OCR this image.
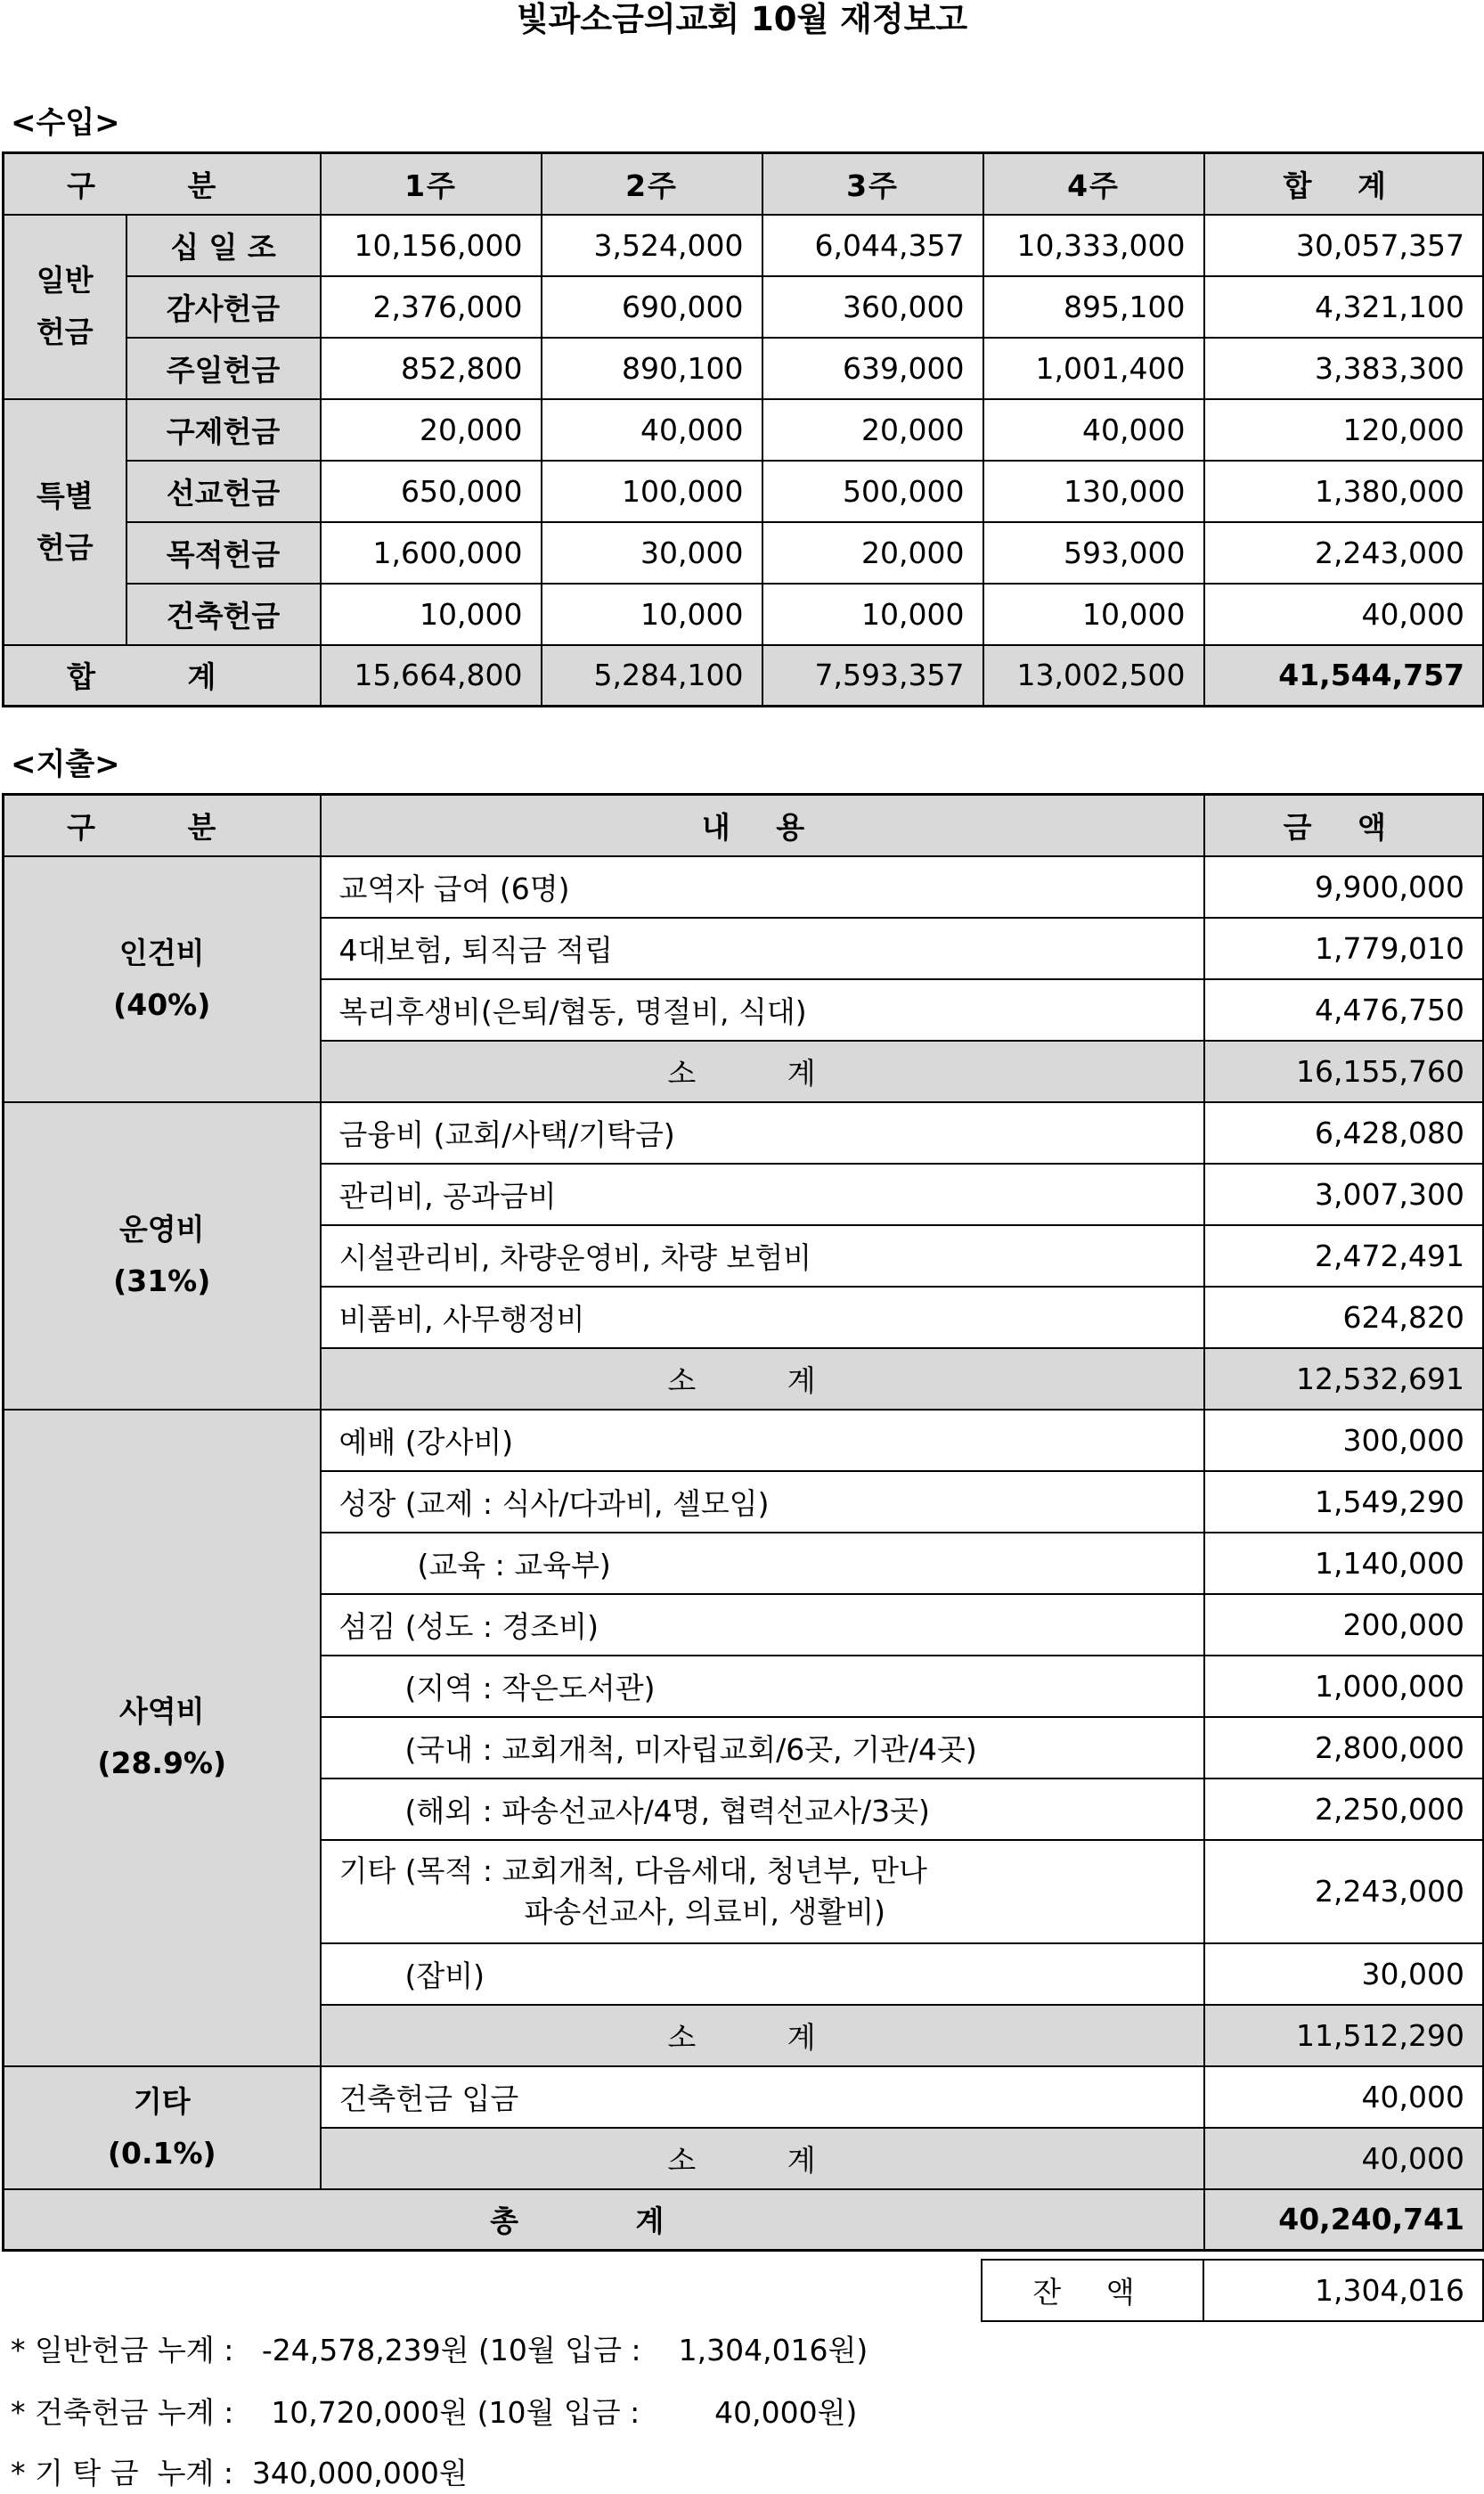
빛과소금의교회 10월 재정보고
<수입>
구 분		1주	2주	3주	4주	합 계
일반 헌금	십 일 조	10,156,000	3,524,000	6,044,357	10,333,000	30,057,357
	감사헌금	2,376,000	690,000	360,000	895,100	4,321,100
	주일헌금	852,800	890,100	639,000	1,001,400	3,383,300
특별 헌금	구제헌금	20,000	40,000	20,000	40,000	120,000
	선교헌금	650,000	100,000	500,000	130,000	1,380,000
	목적헌금	1,600,000	30,000	20,000	593,000	2,243,000
	건축헌금	10,000	10,000	10,000	10,000	40,000
합 계		15,664,800	5,284,100	7,593,357	13,002,500	41,544,757
<지출>
구 분	내 용	금 액

인건비
(40%)	교역자 급여 (6명)	9,900,000
	4대보험, 퇴직금 적립	1,779,010
	복리후생비(은퇴/협동, 명절비, 식대)	4,476,750
	소 계	16,155,760

운영비
(31%)	금융비 (교회/사택/기탁금)	6,428,080
	관리비, 공과금비	3,007,300
	시설관리비, 차량운영비, 차량 보험비	2,472,491
	비품비, 사무행정비	624,820
	소 계	12,532,691

사역비
(28.9%)	예배 (강사비)	300,000
	성장 (교제 : 식사/다과비, 셀모임)	1,549,290
	(교육 : 교육부)	1,140,000
	섬김 (성도 : 경조비)	200,000
	(지역 : 작은도서관)	1,000,000
	(국내 : 교회개척, 미자립교회/6곳, 기관/4곳)	2,800,000
	(해외 : 파송선교사/4명, 협력선교사/3곳)	2,250,000

	기타 (목적 : 교회개척, 다음세대, 청년부, 만나
파송선교사, 의료비, 생활비)	2,243,000
	(잡비)	30,000
	소 계	11,512,290

기타
(0.1%)	건축헌금 입금	40,000
	소 계	40,000
총 계		40,240,741
잔 액	1,304,016
* 일반헌금 누계 :   -24,578,239원 (10월 입금 :    1,304,016원)
* 건축헌금 누계 :    10,720,000원 (10월 입금 :        40,000원)
* 기 탁 금  누계 :  340,000,000원
